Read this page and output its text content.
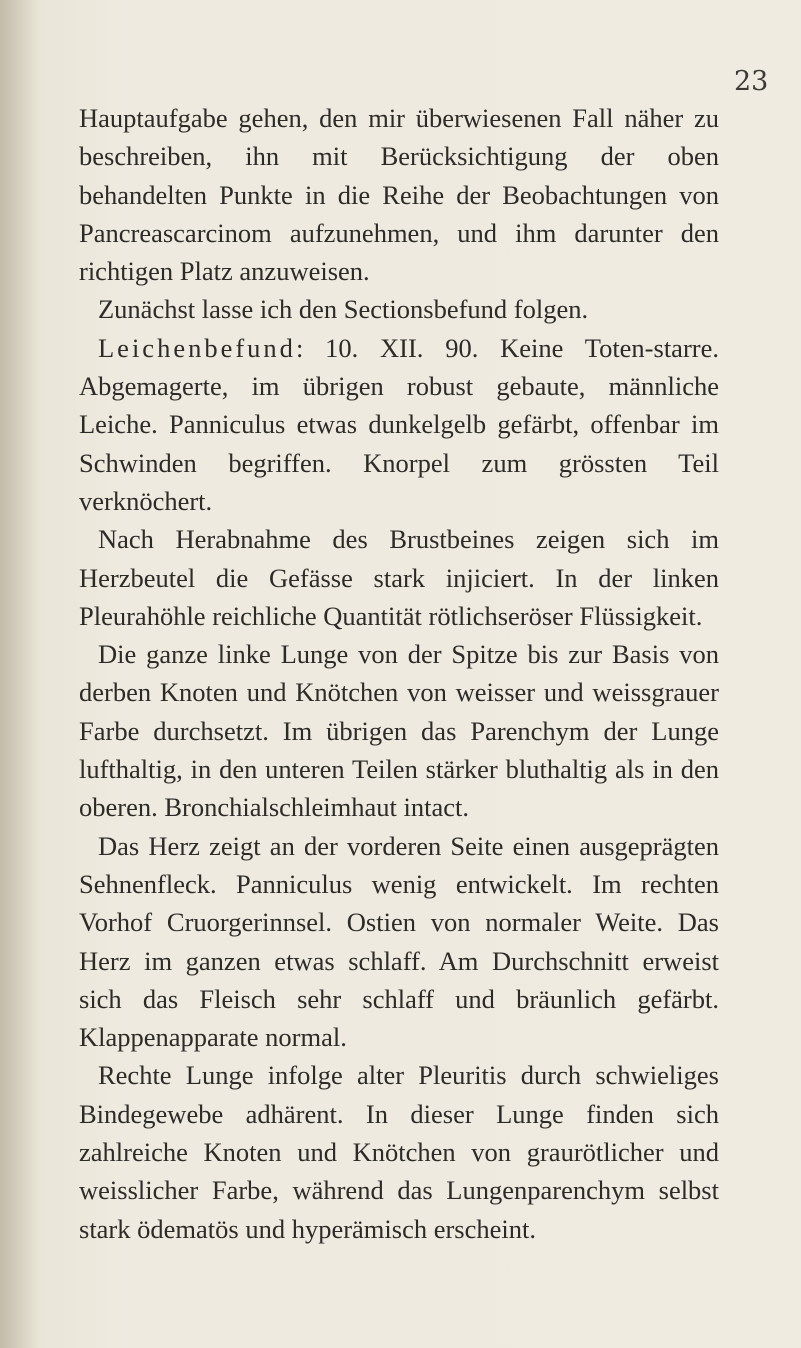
23

Hauptaufgabe gehen, den mir überwiesenen Fall näher zu beschreiben, ihn mit Berücksichtigung der oben behandelten Punkte in die Reihe der Beobachtungen von Pancreascarcinom aufzunehmen, und ihm darunter den richtigen Platz anzuweisen.

Zunächst lasse ich den Sectionsbefund folgen.

Leichenbefund: 10. XII. 90. Keine Toten-starre. Abgemagerte, im übrigen robust gebaute, männliche Leiche. Panniculus etwas dunkelgelb gefärbt, offenbar im Schwinden begriffen. Knorpel zum grössten Teil verknöchert.

Nach Herabnahme des Brustbeines zeigen sich im Herzbeutel die Gefässe stark injiciert. In der linken Pleurahöhle reichliche Quantität rötlichseröser Flüssigkeit.

Die ganze linke Lunge von der Spitze bis zur Basis von derben Knoten und Knötchen von weisser und weissgrauer Farbe durchsetzt. Im übrigen das Parenchym der Lunge lufthaltig, in den unteren Teilen stärker bluthaltig als in den oberen. Bronchialschleimhaut intact.

Das Herz zeigt an der vorderen Seite einen ausgeprägten Sehnenfleck. Panniculus wenig entwickelt. Im rechten Vorhof Cruorgerinnsel. Ostien von normaler Weite. Das Herz im ganzen etwas schlaff. Am Durchschnitt erweist sich das Fleisch sehr schlaff und bräunlich gefärbt. Klappenapparate normal.

Rechte Lunge infolge alter Pleuritis durch schwieliges Bindegewebe adhärent. In dieser Lunge finden sich zahlreiche Knoten und Knötchen von graurötlicher und weisslicher Farbe, während das Lungenparenchym selbst stark ödematös und hyperämisch erscheint.
